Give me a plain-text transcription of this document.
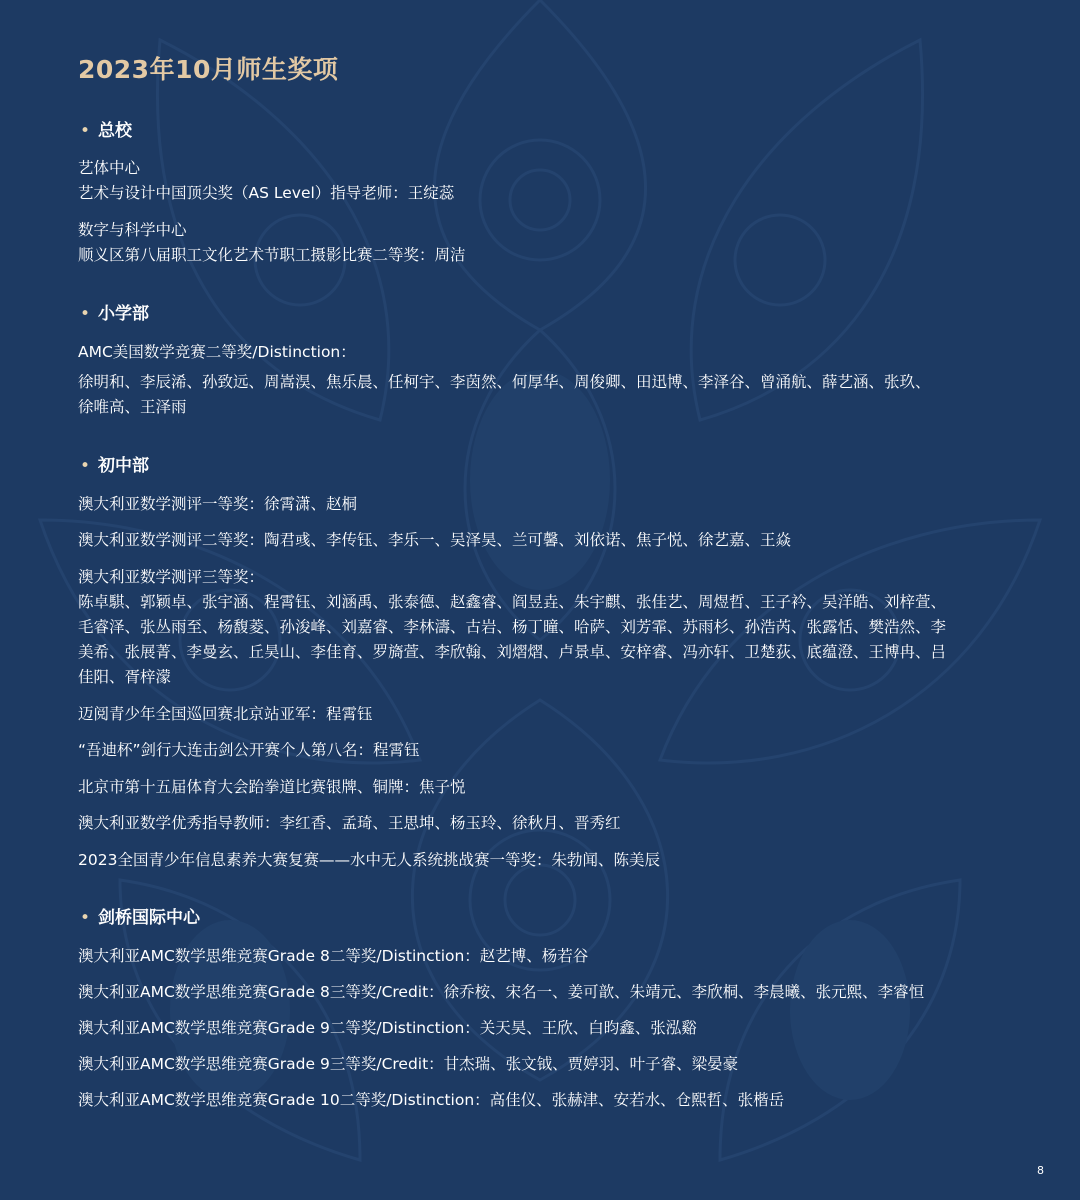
2023年10月师生奖项
• 总校
艺体中心
艺术与设计中国顶尖奖（AS Level）指导老师：王绽蕊
数字与科学中心
顺义区第八届职工文化艺术节职工摄影比赛二等奖：周洁
• 小学部
AMC美国数学竞赛二等奖/Distinction：
徐明和、李辰浠、孙致远、周嵩淏、焦乐晨、任柯宇、李茵然、何厚华、周俊卿、田迅博、李泽谷、曾涌航、薛艺涵、张玖、
徐唯高、王泽雨
• 初中部
澳大利亚数学测评一等奖：徐霄潇、赵桐
澳大利亚数学测评二等奖：陶君彧、李传钰、李乐一、吴泽昊、兰可馨、刘依诺、焦子悦、徐艺嘉、王焱
澳大利亚数学测评三等奖：
陈卓騏、郭颖卓、张宇涵、程霄钰、刘涵禹、张泰德、赵鑫睿、阎昱垚、朱宇麒、张佳艺、周煜哲、王子衿、吴洋皓、刘梓萱、
毛睿泽、张丛雨至、杨馥菱、孙浚峰、刘嘉睿、李林濤、古岩、杨丁曈、哈萨、刘芳霏、苏雨杉、孙浩芮、张露恬、樊浩然、李
美希、张展菁、李曼玄、丘昊山、李佳育、罗旖萱、李欣翰、刘熠熠、卢景卓、安梓睿、冯亦轩、卫楚荻、底蕴澄、王博冉、吕
佳阳、胥梓濛
迈阅青少年全国巡回赛北京站亚军：程霄钰
“吾迪杯”剑行大连击剑公开赛个人第八名：程霄钰
北京市第十五届体育大会跆拳道比赛银牌、铜牌：焦子悦
澳大利亚数学优秀指导教师：李红香、孟琦、王思坤、杨玉玲、徐秋月、晋秀红
2023全国青少年信息素养大赛复赛——水中无人系统挑战赛一等奖：朱勃闻、陈美辰
• 剑桥国际中心
澳大利亚AMC数学思维竞赛Grade 8二等奖/Distinction：赵艺博、杨若谷
澳大利亚AMC数学思维竞赛Grade 8三等奖/Credit：徐乔桉、宋名一、姜可歆、朱靖元、李欣桐、李晨曦、张元熙、李睿恒
澳大利亚AMC数学思维竞赛Grade 9二等奖/Distinction：关天昊、王欣、白昀鑫、张泓谿
澳大利亚AMC数学思维竞赛Grade 9三等奖/Credit：甘杰瑞、张文钺、贾婷羽、叶子睿、梁晏豪
澳大利亚AMC数学思维竞赛Grade 10二等奖/Distinction：高佳仪、张赫津、安若水、仓熙哲、张楷岳
8
